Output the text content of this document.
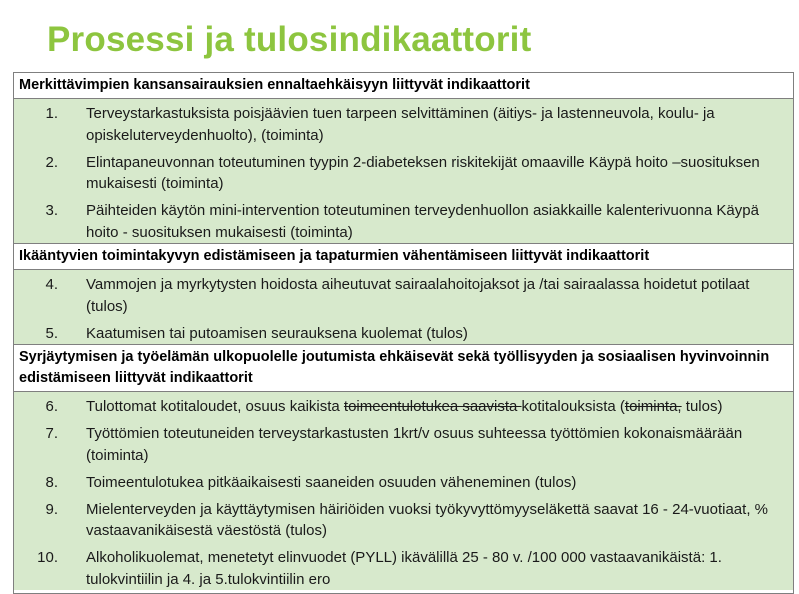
Prosessi ja tulosindikaattorit
Merkittävimpien kansansairauksien ennaltaehkäisyyn liittyvät indikaattorit
1.	Terveystarkastuksista poisjäävien tuen tarpeen selvittäminen (äitiys- ja lastenneuvola, koulu- ja opiskeluterveydenhuolto), (toiminta)
2.	Elintapaneuvonnan toteutuminen tyypin 2-diabeteksen riskitekijät omaaville Käypä hoito –suosituksen mukaisesti (toiminta)
3.	Päihteiden käytön mini-intervention toteutuminen terveydenhuollon asiakkaille kalenterivuonna Käypä hoito - suosituksen mukaisesti (toiminta)
Ikääntyvien toimintakyvyn edistämiseen ja tapaturmien vähentämiseen liittyvät indikaattorit
4.	Vammojen ja myrkytysten hoidosta aiheutuvat sairaalahoitojaksot ja /tai sairaalassa hoidetut potilaat (tulos)
5.	Kaatumisen tai putoamisen seurauksena kuolemat (tulos)
Syrjäytymisen ja työelämän ulkopuolelle joutumista ehkäisevät sekä työllisyyden ja sosiaalisen hyvinvoinnin edistämiseen liittyvät indikaattorit
6.	Tulottomat kotitaloudet, osuus kaikista toimeentulotukea saavista kotitalouksista (toiminta, tulos)
7.	Työttömien toteutuneiden terveystarkastusten 1krt/v osuus suhteessa työttömien kokonaismäärään (toiminta)
8.	Toimeentulotukea pitkäaikaisesti saaneiden osuuden väheneminen (tulos)
9.	Mielenterveyden ja käyttäytymisen häiriöiden vuoksi työkyvyttömyyseläkettä saavat 16 - 24-vuotiaat, % vastaavanikäisestä väestöstä (tulos)
10.	Alkoholikuolemat, menetetyt elinvuodet (PYLL) ikävälillä 25 - 80 v. /100 000 vastaavanikäistä: 1. tulokvintiilin ja 4. ja 5.tulokvintiilin ero
